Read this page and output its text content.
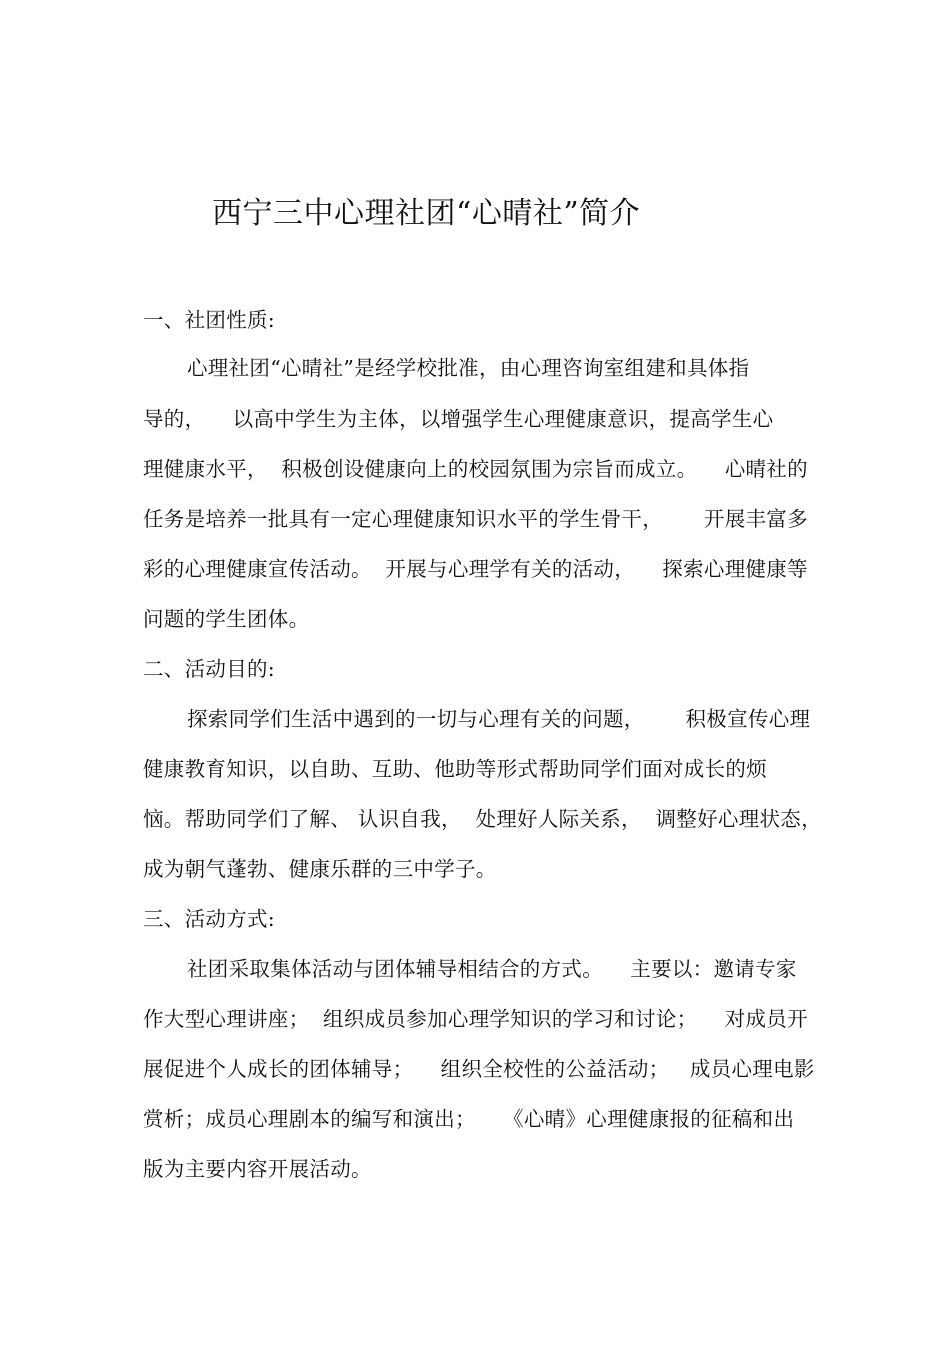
西宁三中心理社团“心晴社”简介
一、社团性质:
心理社团“心晴社”是经学校批准，由心理咨询室组建和具体指
导的，    以高中学生为主体，以增强学生心理健康意识，提高学生心
理健康水平，  积极创设健康向上的校园氛围为宗旨而成立。    心晴社的
任务是培养一批具有一定心理健康知识水平的学生骨干，      开展丰富多
彩的心理健康宣传活动。  开展与心理学有关的活动，    探索心理健康等
问题的学生团体。
二、活动目的:
探索同学们生活中遇到的一切与心理有关的问题，      积极宣传心理
健康教育知识，以自助、互助、他助等形式帮助同学们面对成长的烦
恼。帮助同学们了解、 认识自我，  处理好人际关系，  调整好心理状态，
成为朝气蓬勃、健康乐群的三中学子。
三、活动方式:
社团采取集体活动与团体辅导相结合的方式。    主要以：邀请专家
作大型心理讲座；  组织成员参加心理学知识的学习和讨论；    对成员开
展促进个人成长的团体辅导；    组织全校性的公益活动；   成员心理电影
赏析；成员心理剧本的编写和演出；    《心晴》心理健康报的征稿和出
版为主要内容开展活动。
